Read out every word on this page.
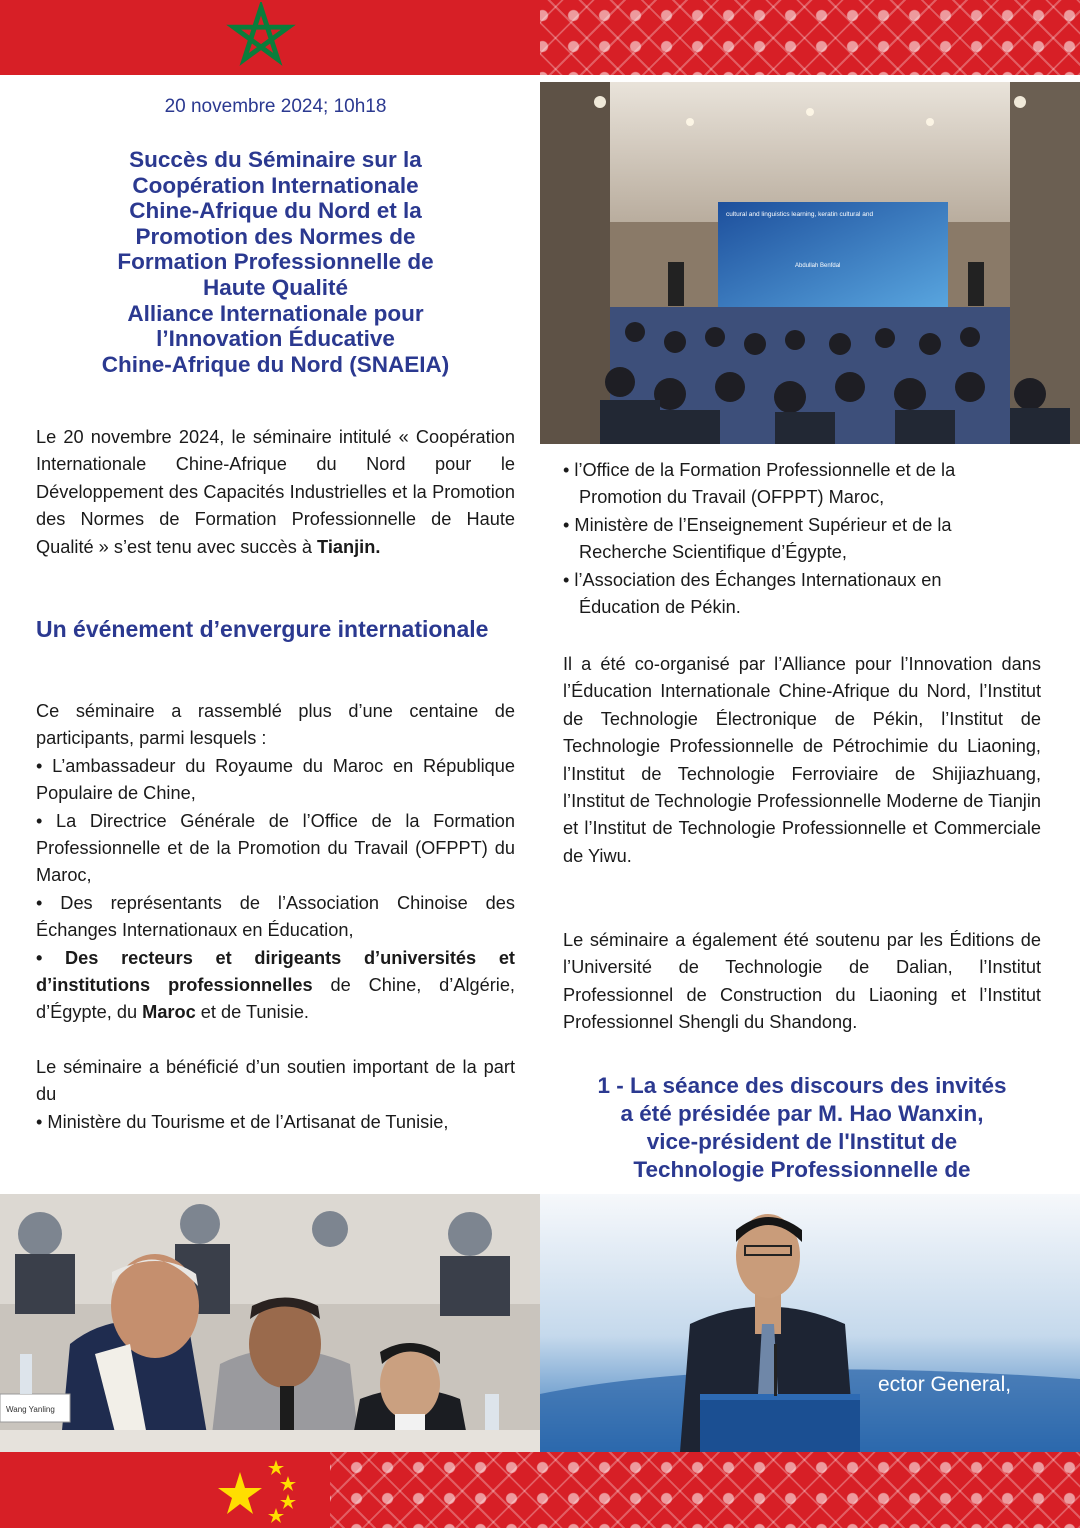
cultural and linguistics learning, keratin cultural and
Abdullah Benfdal
20 novembre 2024; 10h18
Succès du Séminaire sur la
Coopération Internationale
Chine-Afrique du Nord et la
Promotion des Normes de
Formation Professionnelle de
Haute Qualité
Alliance Internationale pour
l’Innovation Éducative
Chine-Afrique du Nord (SNAEIA)
Le 20 novembre 2024, le séminaire intitulé « Coopération Internationale Chine-Afrique du Nord pour le Développement des Capacités Industrielles et la Promotion des Normes de Formation Professionnelle de Haute Qualité » s’est tenu avec succès à Tianjin.
Un événement d’envergure internationale
Ce séminaire a rassemblé plus d’une centaine de participants, parmi lesquels :
• L’ambassadeur du Royaume du Maroc en République Populaire de Chine,
• La Directrice Générale de l’Office de la Formation Professionnelle et de la Promotion du Travail (OFPPT) du Maroc,
• Des représentants de l’Association Chinoise des Échanges Internationaux en Éducation,
• Des recteurs et dirigeants d’universités et d’institutions professionnelles de Chine, d’Algérie, d’Égypte, du Maroc et de Tunisie.
Le séminaire a bénéficié d’un soutien important de la part du
• Ministère du Tourisme et de l’Artisanat de Tunisie,
• l’Office de la Formation Professionnelle et de la
Promotion du Travail (OFPPT) Maroc,
• Ministère de l’Enseignement Supérieur et de la
Recherche Scientifique d’Égypte,
• l’Association des Échanges Internationaux en
Éducation de Pékin.
Il a été co-organisé par l’Alliance pour l’Innovation dans l’Éducation Internationale Chine-Afrique du Nord, l’Institut de Technologie Électronique de Pékin, l’Institut de Technologie Professionnelle de Pétrochimie du Liaoning, l’Institut de Technologie Ferroviaire de Shijiazhuang, l’Institut de Technologie Professionnelle Moderne de Tianjin et l’Institut de Technologie Professionnelle et Commerciale de Yiwu.
Le séminaire a également été soutenu par les Éditions de l’Université de Technologie de Dalian, l’Institut Professionnel de Construction du Liaoning et l’Institut Professionnel Shengli du Shandong.
1 - La séance des discours des invités
a été présidée par M. Hao Wanxin,
vice-président de l'Institut de
Technologie Professionnelle de
Wang Yanling
ector General,
